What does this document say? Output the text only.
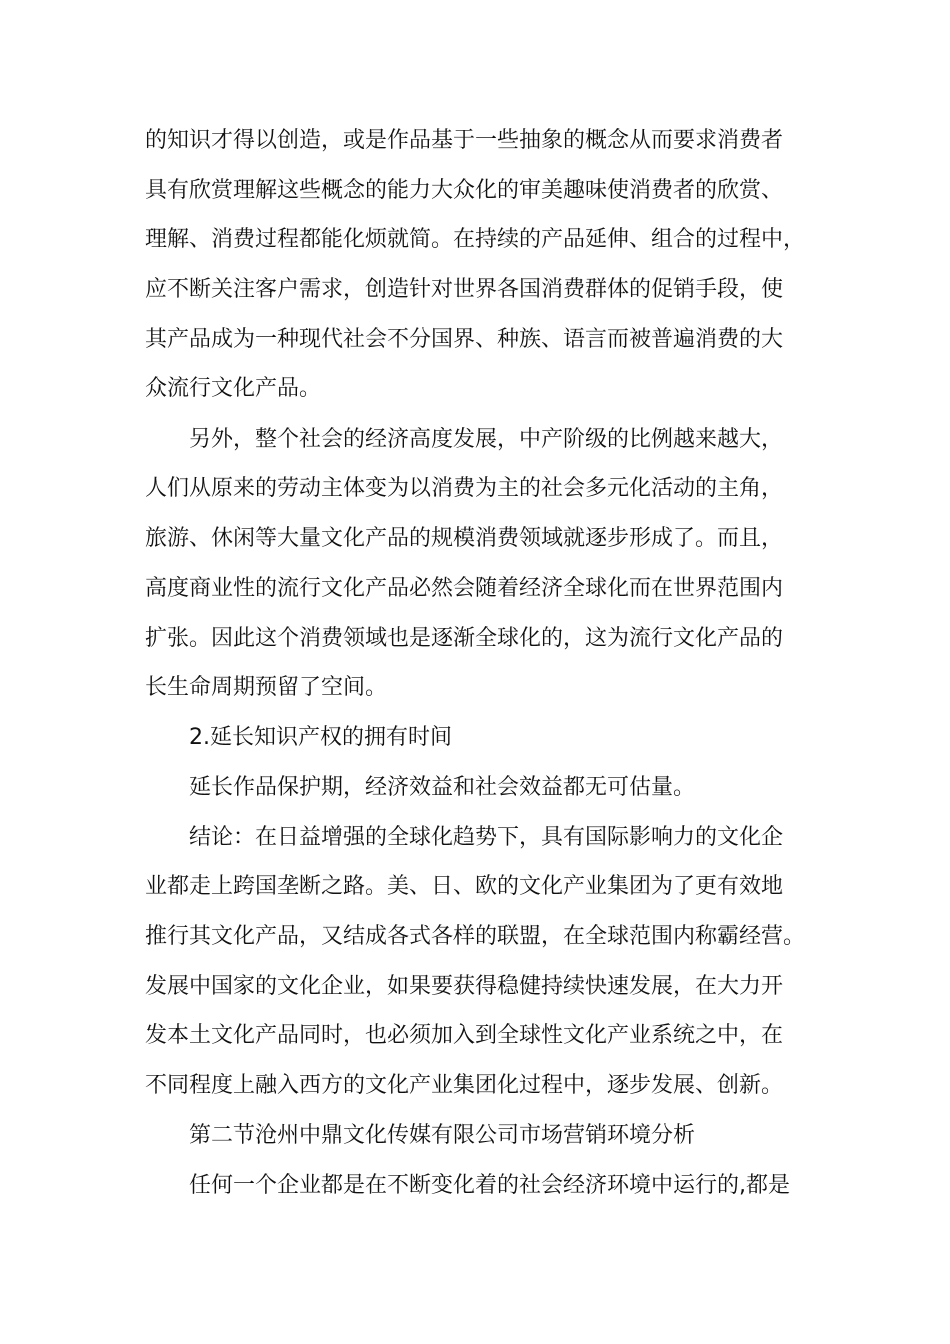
的知识才得以创造，或是作品基于一些抽象的概念从而要求消费者
具有欣赏理解这些概念的能力大众化的审美趣味使消费者的欣赏、
理解、消费过程都能化烦就简。在持续的产品延伸、组合的过程中，
应不断关注客户需求，创造针对世界各国消费群体的促销手段，使
其产品成为一种现代社会不分国界、种族、语言而被普遍消费的大
众流行文化产品。
另外，整个社会的经济高度发展，中产阶级的比例越来越大，
人们从原来的劳动主体变为以消费为主的社会多元化活动的主角，
旅游、休闲等大量文化产品的规模消费领域就逐步形成了。而且，
高度商业性的流行文化产品必然会随着经济全球化而在世界范围内
扩张。因此这个消费领域也是逐渐全球化的，这为流行文化产品的
长生命周期预留了空间。
2.延长知识产权的拥有时间
延长作品保护期，经济效益和社会效益都无可估量。
结论：在日益增强的全球化趋势下，具有国际影响力的文化企
业都走上跨国垄断之路。美、日、欧的文化产业集团为了更有效地
推行其文化产品，又结成各式各样的联盟，在全球范围内称霸经营。
发展中国家的文化企业，如果要获得稳健持续快速发展，在大力开
发本土文化产品同时，也必须加入到全球性文化产业系统之中，在
不同程度上融入西方的文化产业集团化过程中，逐步发展、创新。
第二节沧州中鼎文化传媒有限公司市场营销环境分析
任何一个企业都是在不断变化着的社会经济环境中运行的,都是
